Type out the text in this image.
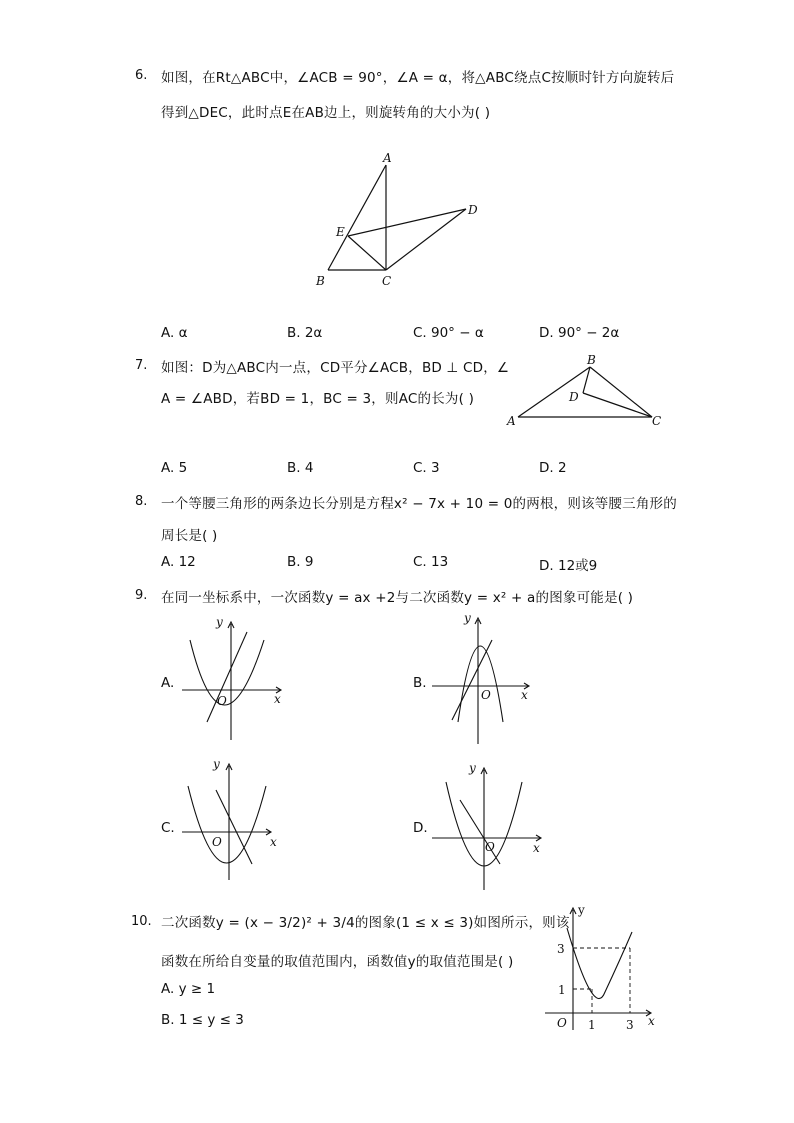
6. 如图，在Rt△ABC中，∠ACB = 90°，∠A = α，将△ABC绕点C按顺时针方向旋转后
得到△DEC，此时点E在AB边上，则旋转角的大小为( )
A
B	C
D
E
A. α	B. 2α	C. 90° − α	D. 90° − 2α
7. 如图：D为△ABC内一点，CD平分∠ACB，BD ⊥ CD，∠
A = ∠ABD，若BD = 1，BC = 3，则AC的长为( )
A
B
C
D
A. 5	B. 4	C. 3	D. 2
8. 一个等腰三角形的两条边长分别是方程x² − 7x + 10 = 0的两根，则该等腰三角形的
周长是( )
A. 12	B. 9	C. 13	D. 12或9
9. 在同一坐标系中，一次函数y = ax +2与二次函数y = x² + a的图象可能是( )
A.	B.
C.	D.
x
y
O	x
y
O
x
y
O	x
y
O
10. 二次函数y = (x − 3/2)² + 3/4的图象(1 ≤ x ≤ 3)如图所示，则该
函数在所给自变量的取值范围内，函数值y的取值范围是( )
A. y ≥ 1
B. 1 ≤ y ≤ 3
y
x
O
3
1
1	3
